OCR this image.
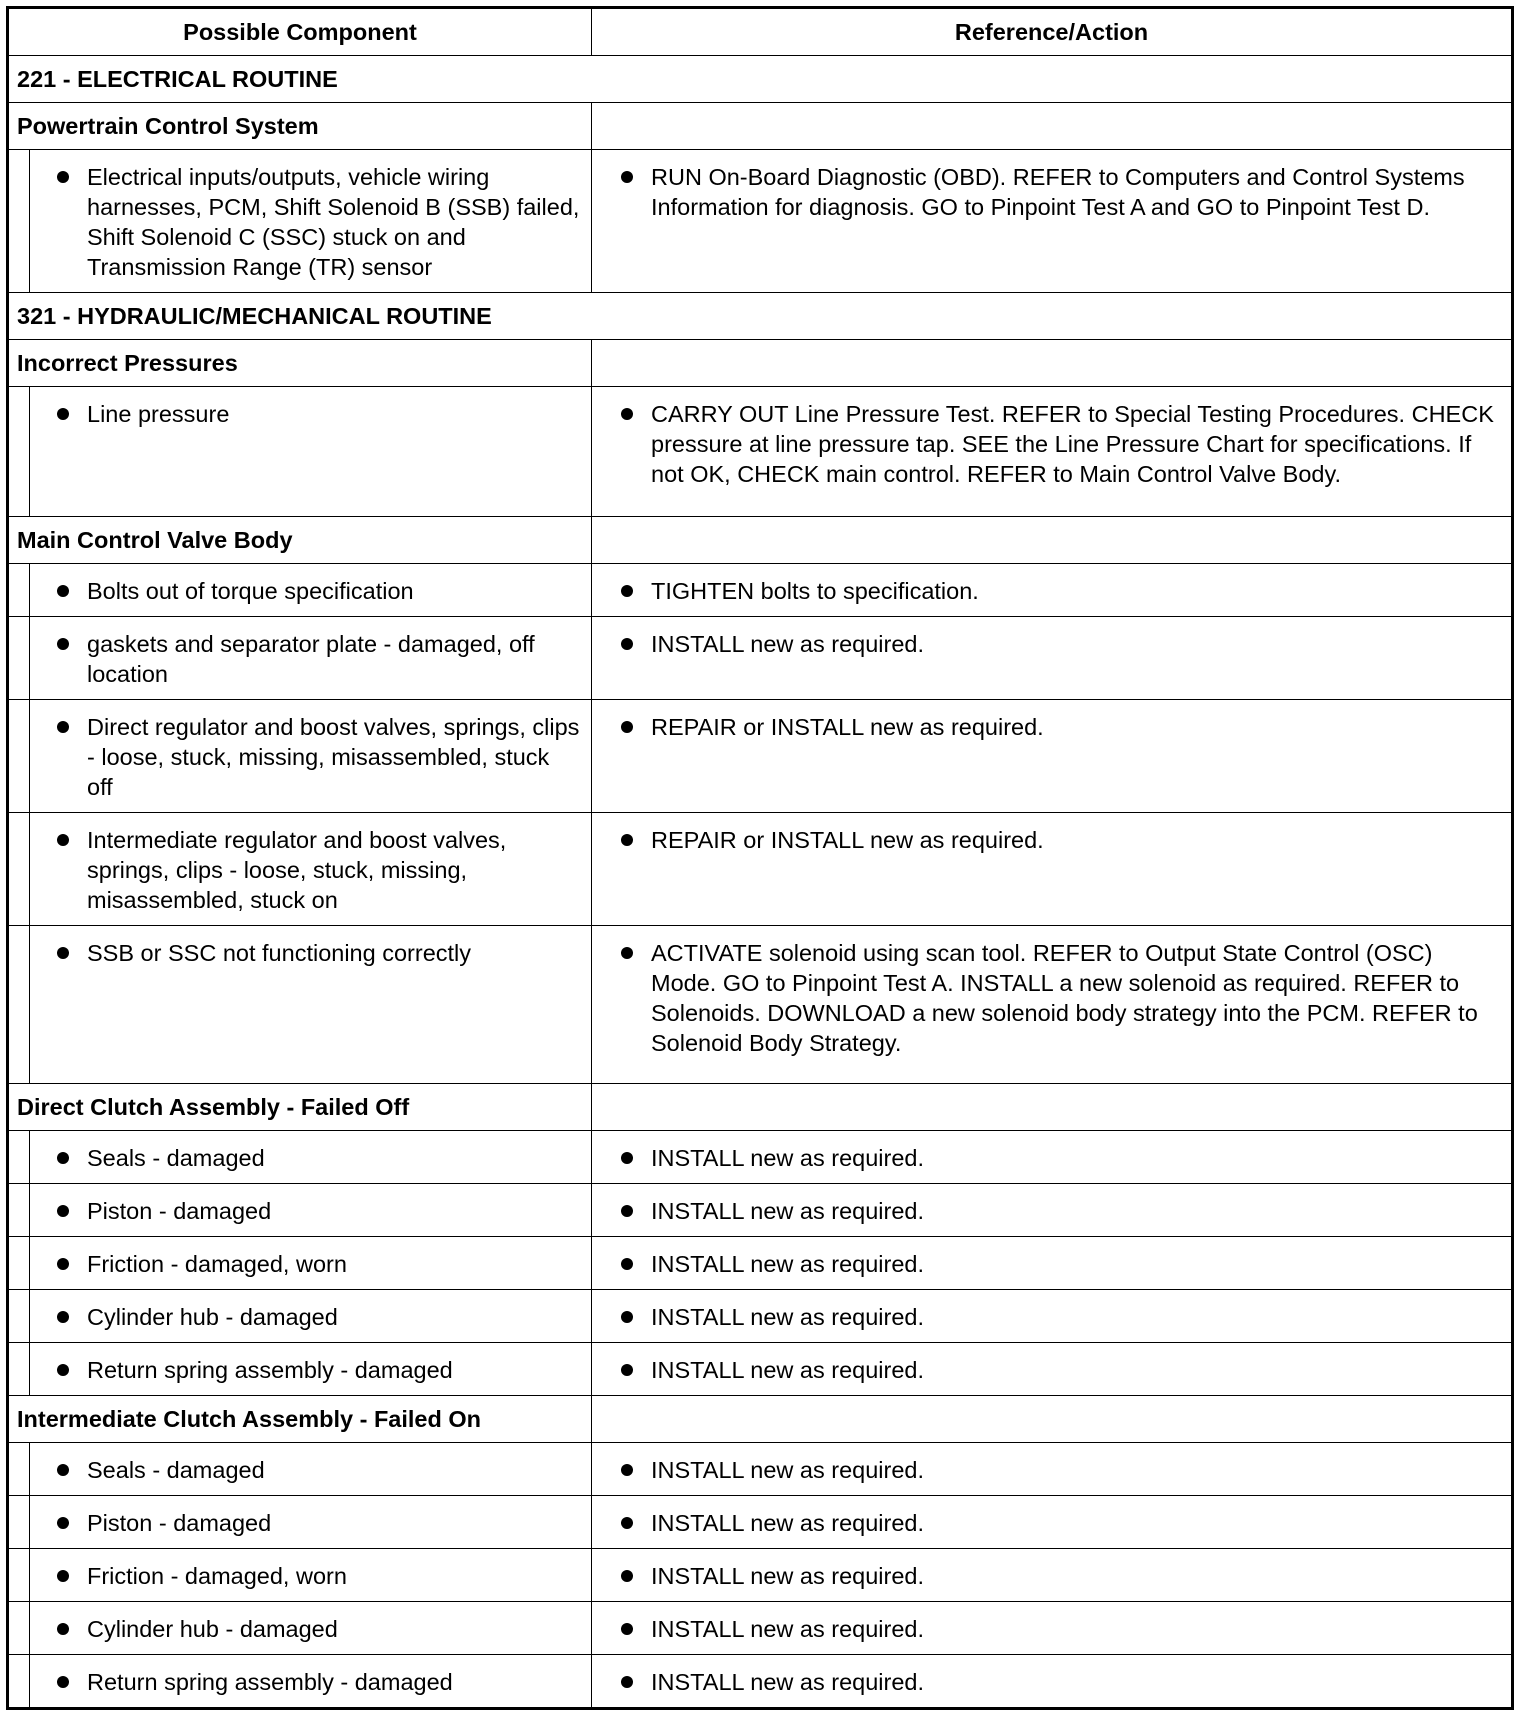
Possible Component		Reference/Action

221 - ELECTRICAL ROUTINE		

Powertrain Control System		

	Electrical inputs/outputs, vehicle wiring harnesses, PCM, Shift Solenoid B (SSB) failed, Shift Solenoid C (SSC) stuck on and Transmission Range (TR) sensor	RUN On-Board Diagnostic (OBD). REFER to Computers and Control Systems Information for diagnosis. GO to Pinpoint Test A and GO to Pinpoint Test D.

321 - HYDRAULIC/MECHANICAL ROUTINE		

Incorrect Pressures		

	Line pressure	CARRY OUT Line Pressure Test. REFER to Special Testing Procedures. CHECK pressure at line pressure tap. SEE the Line Pressure Chart for specifications. If not OK, CHECK main control. REFER to Main Control Valve Body.

Main Control Valve Body		

	Bolts out of torque specification	TIGHTEN bolts to specification.

	gaskets and separator plate - damaged, off location	INSTALL new as required.

	Direct regulator and boost valves, springs, clips - loose, stuck, missing, misassembled, stuck off	REPAIR or INSTALL new as required.

	Intermediate regulator and boost valves, springs, clips - loose, stuck, missing, misassembled, stuck on	REPAIR or INSTALL new as required.

	SSB or SSC not functioning correctly	ACTIVATE solenoid using scan tool. REFER to Output State Control (OSC) Mode. GO to Pinpoint Test A. INSTALL a new solenoid as required. REFER to Solenoids. DOWNLOAD a new solenoid body strategy into the PCM. REFER to Solenoid Body Strategy.

Direct Clutch Assembly - Failed Off		

	Seals - damaged	INSTALL new as required.

	Piston - damaged	INSTALL new as required.

	Friction - damaged, worn	INSTALL new as required.

	Cylinder hub - damaged	INSTALL new as required.

	Return spring assembly - damaged	INSTALL new as required.

Intermediate Clutch Assembly - Failed On		

	Seals - damaged	INSTALL new as required.

	Piston - damaged	INSTALL new as required.

	Friction - damaged, worn	INSTALL new as required.

	Cylinder hub - damaged	INSTALL new as required.

	Return spring assembly - damaged	INSTALL new as required.
